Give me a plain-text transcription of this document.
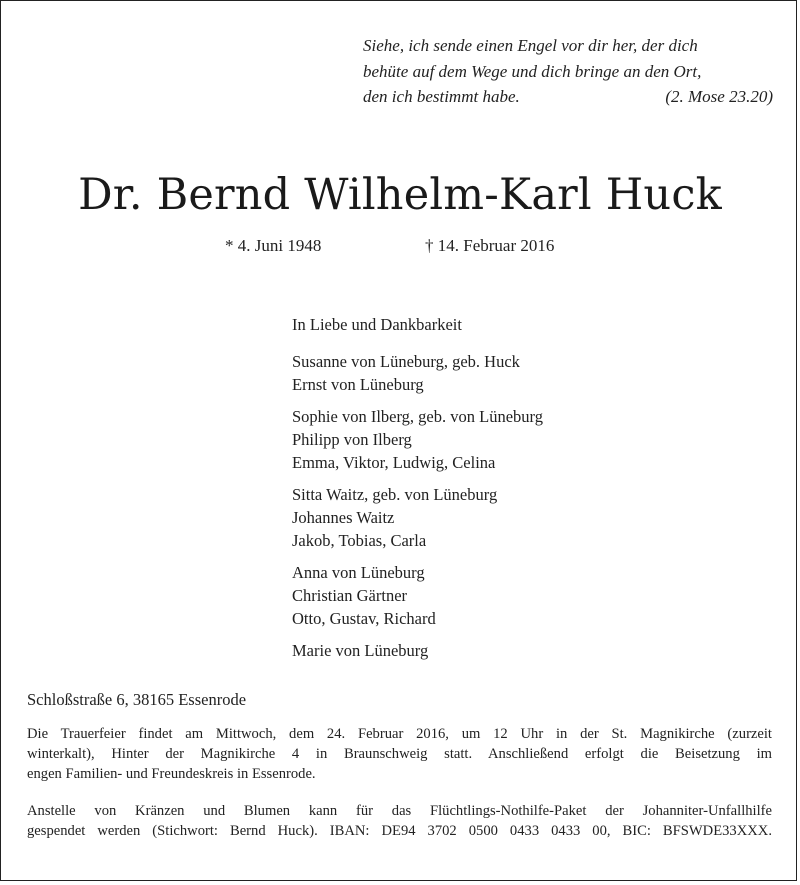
Siehe, ich sende einen Engel vor dir her, der dich
behüte auf dem Wege und dich bringe an den Ort,
den ich bestimmt habe.	(2. Mose 23.20)
Dr. Bernd Wilhelm-Karl Huck
* 4. Juni 1948	† 14. Februar 2016
In Liebe und Dankbarkeit
Susanne von Lüneburg, geb. Huck
Ernst von Lüneburg
Sophie von Ilberg, geb. von Lüneburg
Philipp von Ilberg
Emma, Viktor, Ludwig, Celina
Sitta Waitz, geb. von Lüneburg
Johannes Waitz
Jakob, Tobias, Carla
Anna von Lüneburg
Christian Gärtner
Otto, Gustav, Richard
Marie von Lüneburg
Schloßstraße 6, 38165 Essenrode
Die Trauerfeier findet am Mittwoch, dem 24. Februar 2016, um 12 Uhr in der St. Magnikirche (zurzeit
winterkalt), Hinter der Magnikirche 4 in Braunschweig statt. Anschließend erfolgt die Beisetzung im
engen Familien- und Freundeskreis in Essenrode.
Anstelle von Kränzen und Blumen kann für das Flüchtlings-Nothilfe-Paket der Johanniter-Unfallhilfe
gespendet werden (Stichwort: Bernd Huck). IBAN: DE94 3702 0500 0433 0433 00, BIC: BFSWDE33XXX.
